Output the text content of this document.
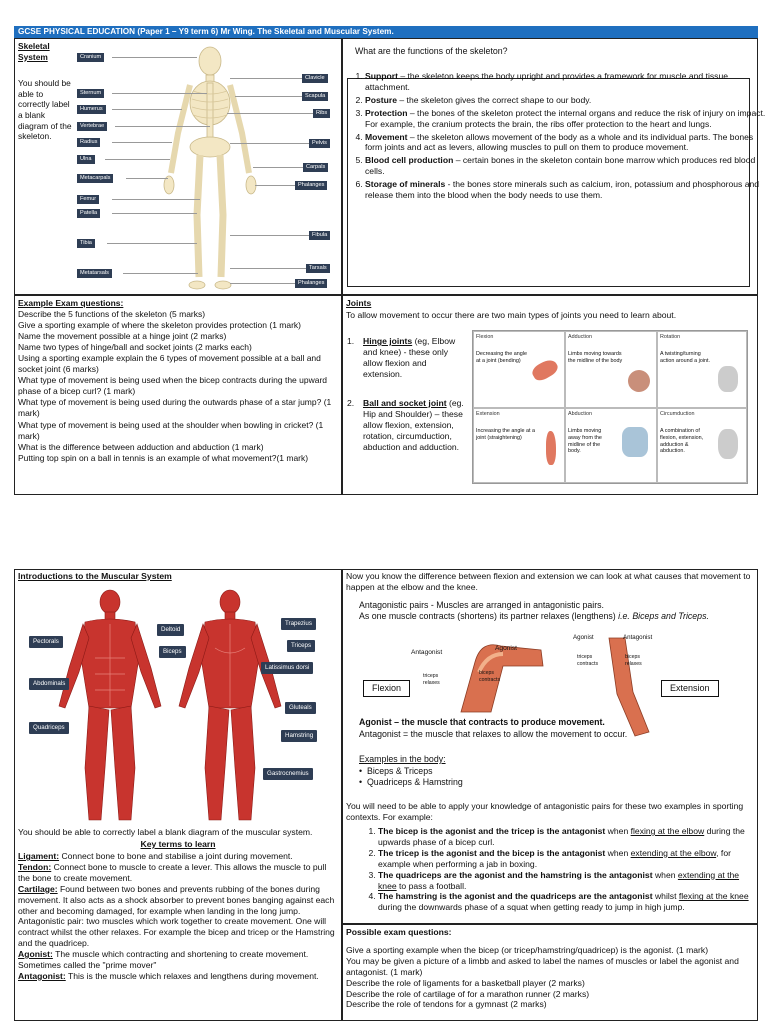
GCSE PHYSICAL EDUCATION (Paper 1 – Y9 term 6) Mr Wing. The Skeletal and Muscular System.
Skeletal System
You should be able to correctly label a blank diagram of the skeleton.
Cranium
Sternum
Humerus
Vertebrae
Radius
Ulna
Metacarpals
Femur
Patella
Tibia
Metatarsals
Clavicle
Scapula
Ribs
Pelvis
Carpals
Phalanges
Fibula
Tarsals
Phalanges
What are the functions of the skeleton?
1. Support – the skeleton keeps the body upright and provides a framework for muscle and tissue attachment.
2. Posture – the skeleton gives the correct shape to our body.
3. Protection – the bones of the skeleton protect the internal organs and reduce the risk of injury on impact. For example, the cranium protects the brain, the ribs offer protection to the heart and lungs.
4. Movement – the skeleton allows movement of the body as a whole and its individual parts. The bones form joints and act as levers, allowing muscles to pull on them to produce movement.
5. Blood cell production – certain bones in the skeleton contain bone marrow which produces red blood cells.
6. Storage of minerals - the bones store minerals such as calcium, iron, potassium and phosphorous and release them into the blood when the body needs to use them.
Example Exam questions:
Describe the 5 functions of the skeleton (5 marks)
Give a sporting example of where the skeleton provides protection (1 mark)
Name the movement possible at a hinge joint (2 marks)
Name two types of hinge/ball and socket joints (2 marks each)
Using a sporting example explain the 6 types of movement possible at a ball and socket joint (6 marks)
What type of movement is being used when the bicep contracts during the upward phase of a bicep curl? (1 mark)
What type of movement is being used during the outwards phase of a star jump? (1 mark)
What type of movement is being used at the shoulder when bowling in cricket? (1 mark)
What is the difference between adduction and abduction (1 mark)
Putting top spin on a ball in tennis is an example of what movement?(1 mark)
Joints
To allow movement to occur there are two main types of joints you need to learn about.
1. Hinge joints (eg, Elbow and knee) - these only allow flexion and extension.
2. Ball and socket joint (eg. Hip and Shoulder) – these allow flexion, extension, rotation, circumduction, abduction and adduction.
Flexion
Decreasing the angle at a joint (bending)
Adduction
Limbs moving towards the midline of the body
Rotation
A twisting/turning action around a joint.
Extension
Increasing the angle at a joint (straightening)
Abduction
Limbs moving away from the midline of the body.
Circumduction
A combination of flexion, extension, adduction & abduction.
Introductions to the Muscular System
Deltoid
Pectorals
Biceps
Abdominals
Quadriceps
Trapezius
Triceps
Latissimus dorsi
Gluteals
Hamstring
Gastrocnemius
You should be able to correctly label a blank diagram of the muscular system.
Key terms to learn
Ligament: Connect bone to bone and stabilise a joint during movement.
Tendon: Connect bone to muscle to create a lever. This allows the muscle to pull the bone to create movement.
Cartilage: Found between two bones and prevents rubbing of the bones during movement. It also acts as a shock absorber to prevent bones banging against each other and becoming damaged, for example when landing in the long jump.
Antagonistic pair: two muscles which work together to create movement. One will contract whilst the other relaxes. For example the bicep and tricep or the Hamstring and the quadricep.
Agonist: The muscle which contracting and shortening to create movement. Sometimes called the "prime mover"
Antagonist: This is the muscle which relaxes and lengthens during movement.
Now you know the difference between flexion and extension we can look at what causes that movement to happen at the elbow and the knee.
Antagonistic pairs - Muscles are arranged in antagonistic pairs.
As one muscle contracts (shortens) its partner relaxes (lengthens) i.e. Biceps and Triceps.
Flexion	Extension
Antagonist
Agonist
triceps relaxes
biceps contracts
Agonist	Antagonist
triceps contracts
biceps relaxes
Agonist – the muscle that contracts to produce movement.
Antagonist = the muscle that relaxes to allow the movement to occur.
Examples in the body:
•  Biceps & Triceps
•  Quadriceps & Hamstring
You will need to be able to apply your knowledge of antagonistic pairs for these two examples in sporting contexts. For example:
1. The bicep is the agonist and the tricep is the antagonist when flexing at the elbow during the upwards phase of a bicep curl.
2. The tricep is the agonist and the bicep is the antagonist when extending at the elbow, for example when performing a jab in boxing.
3. The quadriceps are the agonist and the hamstring is the antagonist when extending at the knee to pass a football.
4. The hamstring is the agonist and the quadriceps are the antagonist whilst flexing at the knee during the downwards phase of a squat when getting ready to jump in high jump.
Possible exam questions:
Give a sporting example when the bicep (or tricep/hamstring/quadricep) is the agonist. (1 mark)
You may be given a picture of a limbb and asked to label the names of muscles or label the agonist and antagonist. (1 mark)
Describe the role of ligaments for a basketball player (2 marks)
Describe the role of cartilage of for a marathon runner (2 marks)
Describe the role of tendons for a gymnast (2 marks)
